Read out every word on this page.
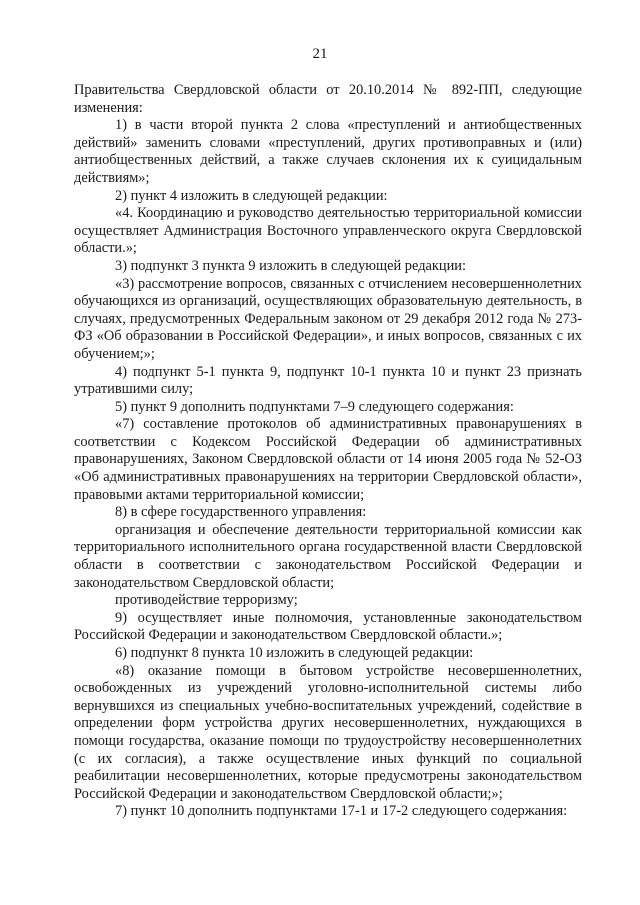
21

Правительства Свердловской области от 20.10.2014 № 892-ПП, следующие изменения:

1) в части второй пункта 2 слова «преступлений и антиобщественных действий» заменить словами «преступлений, других противоправных и (или) антиобщественных действий, а также случаев склонения их к суицидальным действиям»;

2) пункт 4 изложить в следующей редакции:

«4. Координацию и руководство деятельностью территориальной комиссии осуществляет Администрация Восточного управленческого округа Свердловской области.»;

3) подпункт 3 пункта 9 изложить в следующей редакции:

«3) рассмотрение вопросов, связанных с отчислением несовершеннолетних обучающихся из организаций, осуществляющих образовательную деятельность, в случаях, предусмотренных Федеральным законом от 29 декабря 2012 года № 273-ФЗ «Об образовании в Российской Федерации», и иных вопросов, связанных с их обучением;»;

4) подпункт 5-1 пункта 9, подпункт 10-1 пункта 10 и пункт 23 признать утратившими силу;

5) пункт 9 дополнить подпунктами 7–9 следующего содержания:

«7) составление протоколов об административных правонарушениях в соответствии с Кодексом Российской Федерации об административных правонарушениях, Законом Свердловской области от 14 июня 2005 года № 52-ОЗ «Об административных правонарушениях на территории Свердловской области», правовыми актами территориальной комиссии;

8) в сфере государственного управления:

организация и обеспечение деятельности территориальной комиссии как территориального исполнительного органа государственной власти Свердловской области в соответствии с законодательством Российской Федерации и законодательством Свердловской области;

противодействие терроризму;

9) осуществляет иные полномочия, установленные законодательством Российской Федерации и законодательством Свердловской области.»;

6) подпункт 8 пункта 10 изложить в следующей редакции:

«8) оказание помощи в бытовом устройстве несовершеннолетних, освобожденных из учреждений уголовно-исполнительной системы либо вернувшихся из специальных учебно-воспитательных учреждений, содействие в определении форм устройства других несовершеннолетних, нуждающихся в помощи государства, оказание помощи по трудоустройству несовершеннолетних (с их согласия), а также осуществление иных функций по социальной реабилитации несовершеннолетних, которые предусмотрены законодательством Российской Федерации и законодательством Свердловской области;»;

7) пункт 10 дополнить подпунктами 17-1 и 17-2 следующего содержания:
